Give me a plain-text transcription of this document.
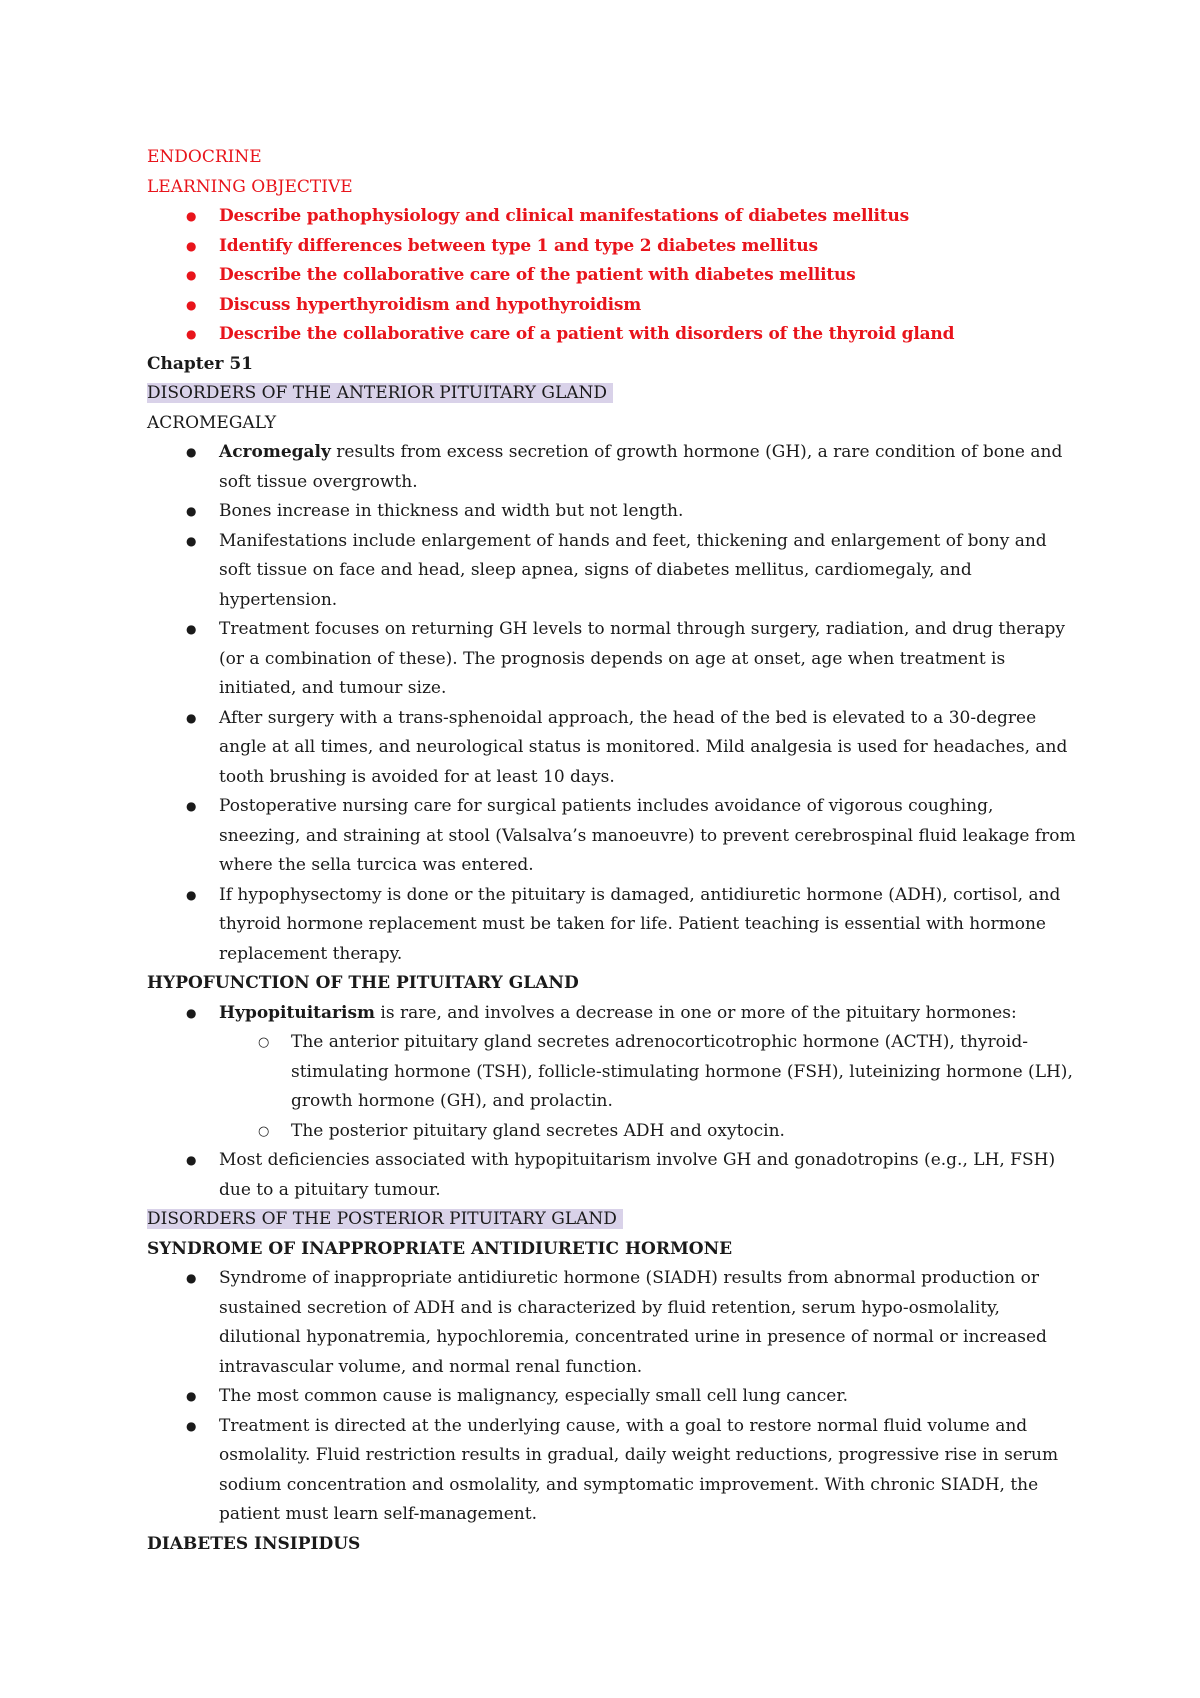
ENDOCRINE
LEARNING OBJECTIVE
● Describe pathophysiology and clinical manifestations of diabetes mellitus
● Identify differences between type 1 and type 2 diabetes mellitus
● Describe the collaborative care of the patient with diabetes mellitus
● Discuss hyperthyroidism and hypothyroidism
● Describe the collaborative care of a patient with disorders of the thyroid gland
Chapter 51
DISORDERS OF THE ANTERIOR PITUITARY GLAND
ACROMEGALY
● Acromegaly results from excess secretion of growth hormone (GH), a rare condition of bone and soft tissue overgrowth.
● Bones increase in thickness and width but not length.
● Manifestations include enlargement of hands and feet, thickening and enlargement of bony and soft tissue on face and head, sleep apnea, signs of diabetes mellitus, cardiomegaly, and hypertension.
● Treatment focuses on returning GH levels to normal through surgery, radiation, and drug therapy (or a combination of these). The prognosis depends on age at onset, age when treatment is initiated, and tumour size.
● After surgery with a trans-sphenoidal approach, the head of the bed is elevated to a 30-degree angle at all times, and neurological status is monitored. Mild analgesia is used for headaches, and tooth brushing is avoided for at least 10 days.
● Postoperative nursing care for surgical patients includes avoidance of vigorous coughing, sneezing, and straining at stool (Valsalva’s manoeuvre) to prevent cerebrospinal fluid leakage from where the sella turcica was entered.
● If hypophysectomy is done or the pituitary is damaged, antidiuretic hormone (ADH), cortisol, and thyroid hormone replacement must be taken for life. Patient teaching is essential with hormone replacement therapy.
HYPOFUNCTION OF THE PITUITARY GLAND
● Hypopituitarism is rare, and involves a decrease in one or more of the pituitary hormones:
○ The anterior pituitary gland secretes adrenocorticotrophic hormone (ACTH), thyroid-stimulating hormone (TSH), follicle-stimulating hormone (FSH), luteinizing hormone (LH), growth hormone (GH), and prolactin.
○ The posterior pituitary gland secretes ADH and oxytocin.
● Most deficiencies associated with hypopituitarism involve GH and gonadotropins (e.g., LH, FSH) due to a pituitary tumour.
DISORDERS OF THE POSTERIOR PITUITARY GLAND
SYNDROME OF INAPPROPRIATE ANTIDIURETIC HORMONE
● Syndrome of inappropriate antidiuretic hormone (SIADH) results from abnormal production or sustained secretion of ADH and is characterized by fluid retention, serum hypo-osmolality, dilutional hyponatremia, hypochloremia, concentrated urine in presence of normal or increased intravascular volume, and normal renal function.
● The most common cause is malignancy, especially small cell lung cancer.
● Treatment is directed at the underlying cause, with a goal to restore normal fluid volume and osmolality. Fluid restriction results in gradual, daily weight reductions, progressive rise in serum sodium concentration and osmolality, and symptomatic improvement. With chronic SIADH, the patient must learn self-management.
DIABETES INSIPIDUS
